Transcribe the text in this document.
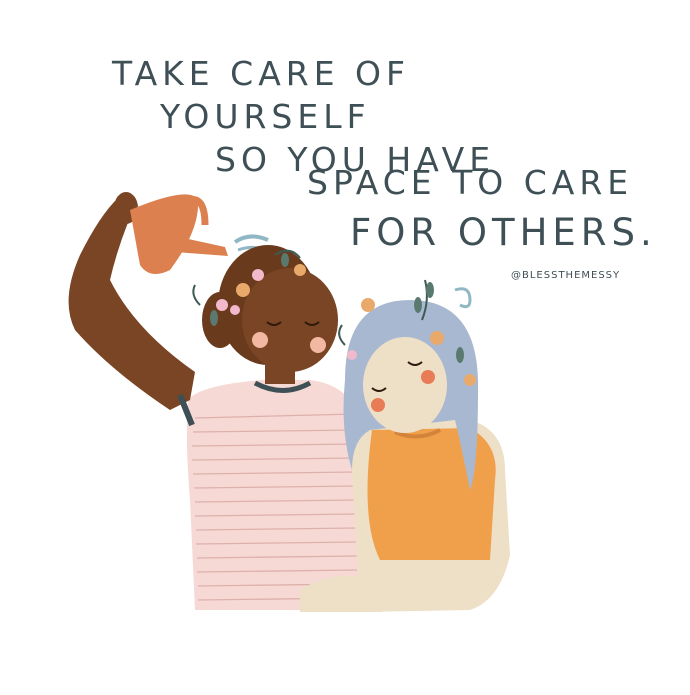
TAKE CARE OF
YOURSELF
SO YOU HAVE
SPACE TO CARE
FOR OTHERS.
@BLESSTHEMESSY
